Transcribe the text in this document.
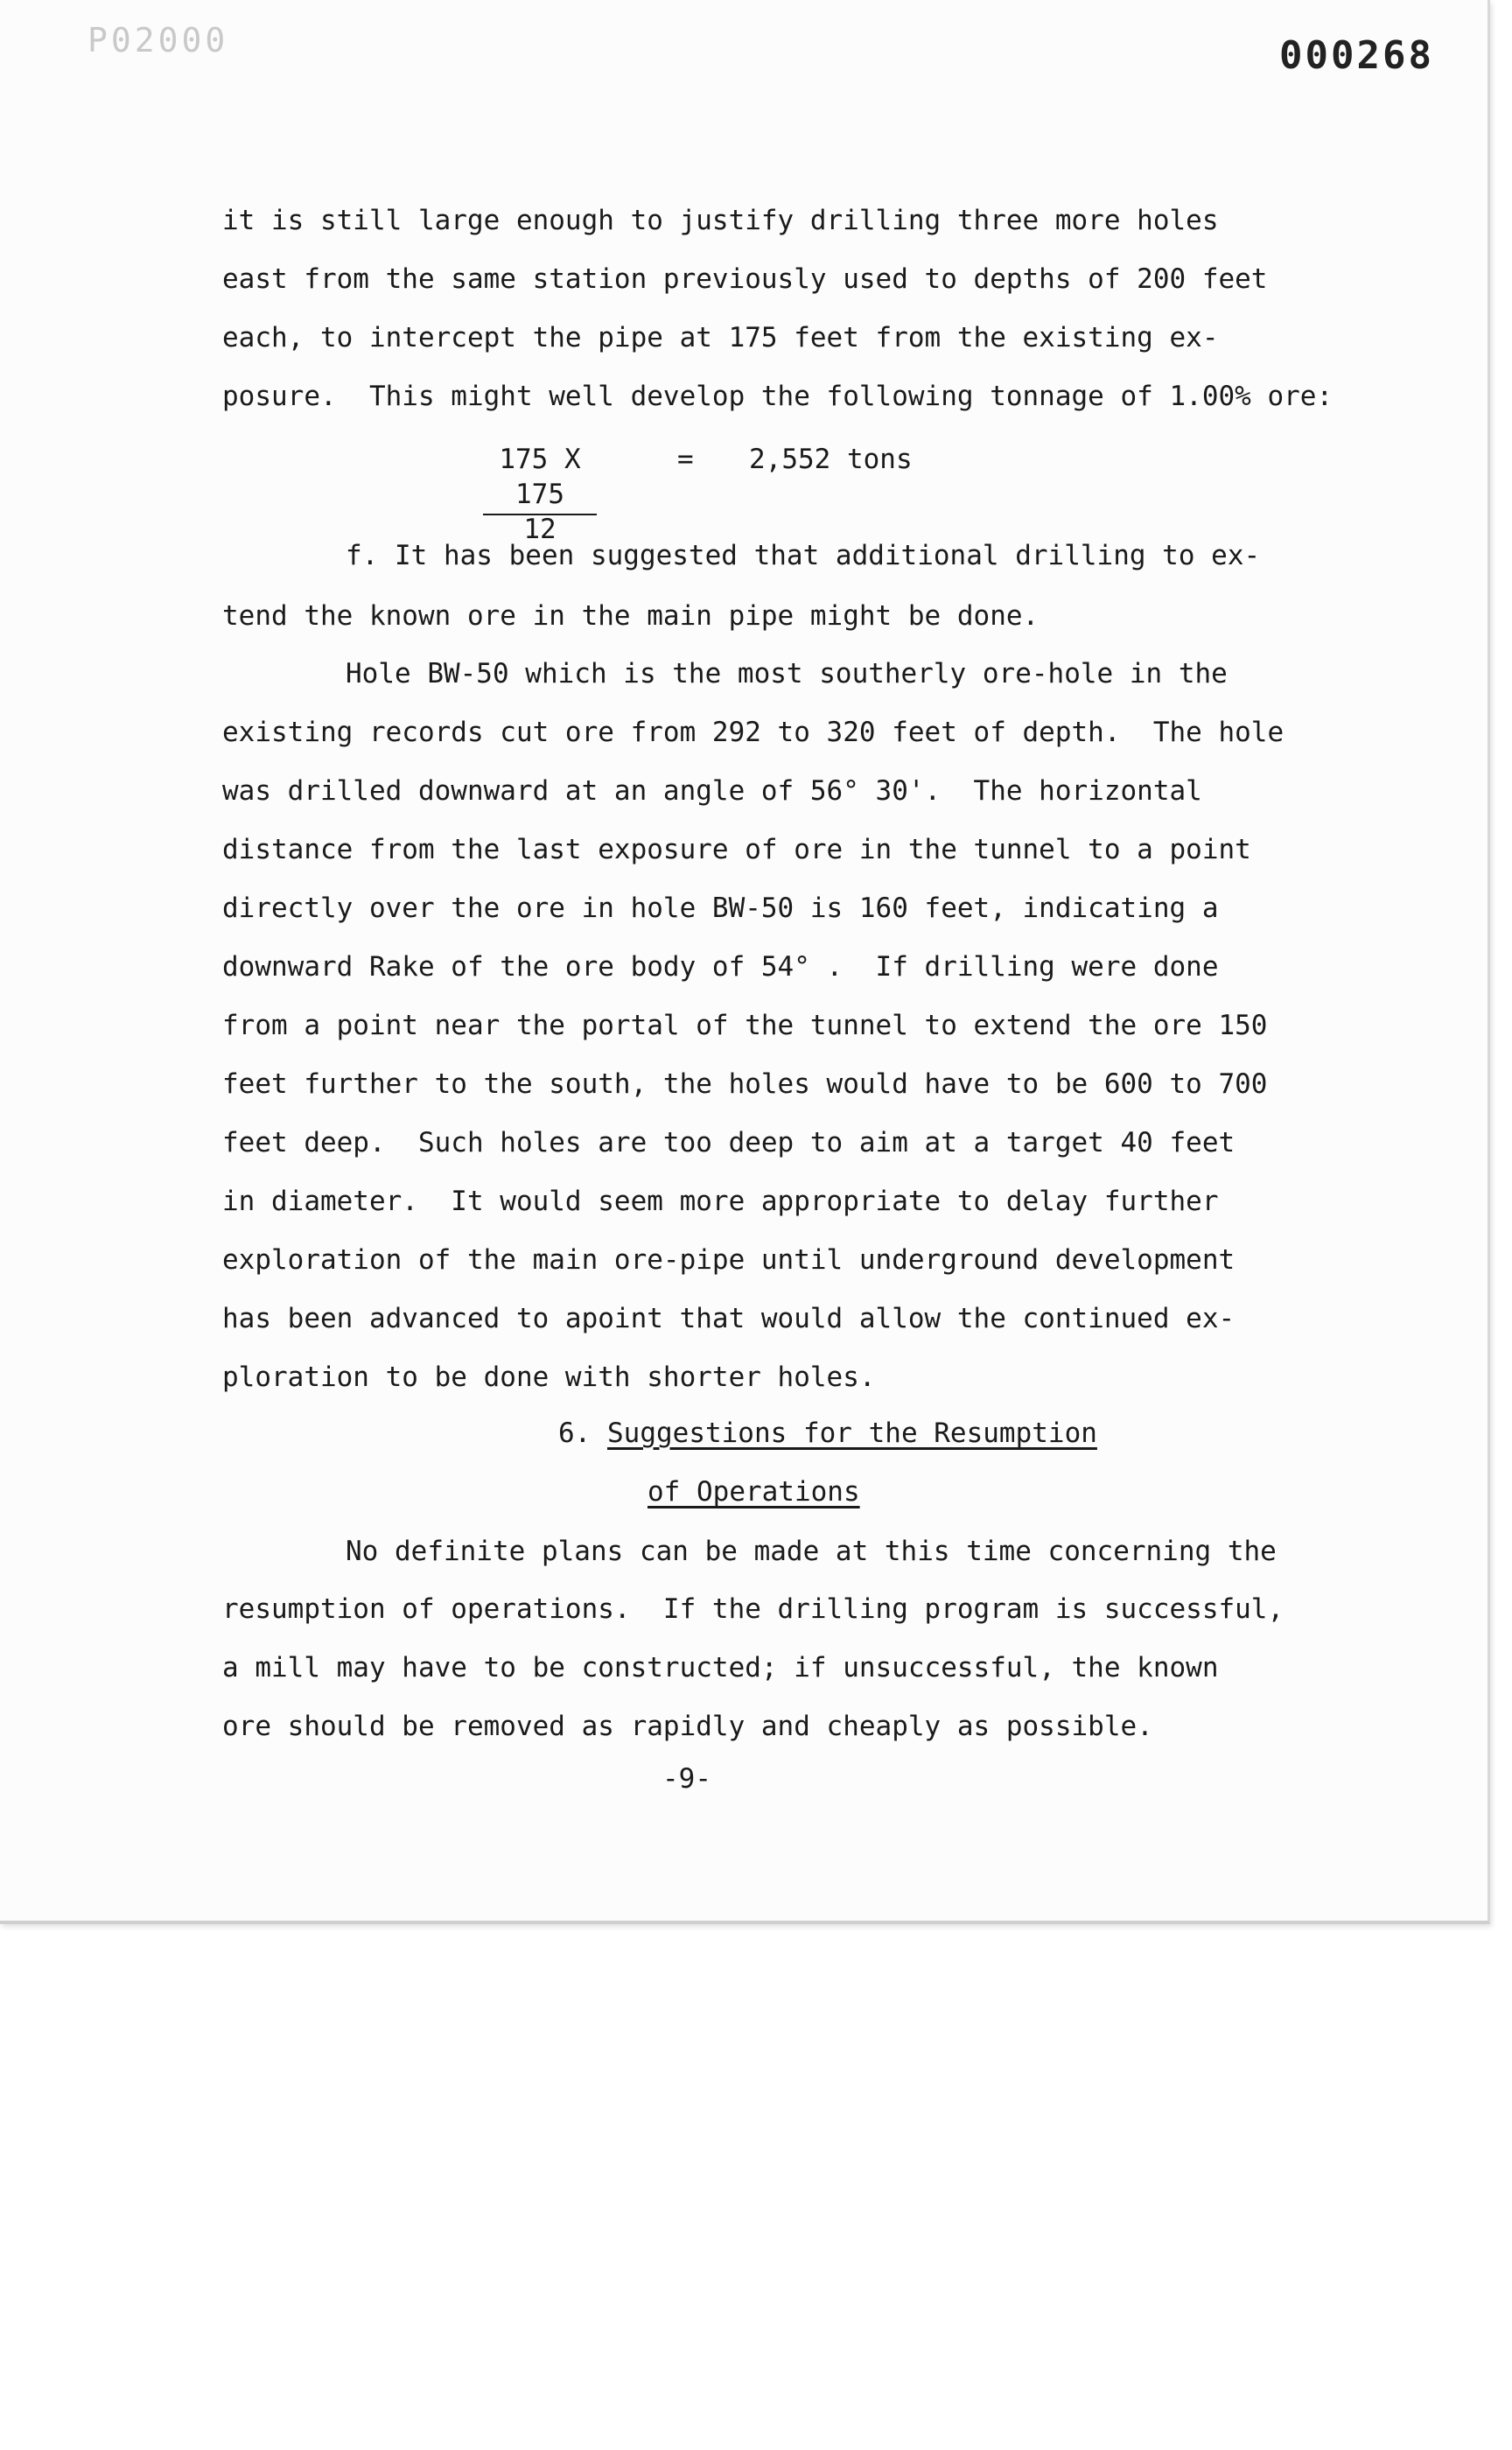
P02000	000268

it is still large enough to justify drilling three more holes

east from the same station previously used to depths of 200 feet

each, to intercept the pipe at 175 feet from the existing ex-

posure.  This might well develop the following tonnage of 1.00% ore:

$\frac{175 X 175}{12}$	= 2,552 tons

f. It has been suggested that additional drilling to ex-

tend the known ore in the main pipe might be done.

Hole BW-50 which is the most southerly ore-hole in the

existing records cut ore from 292 to 320 feet of depth.  The hole

was drilled downward at an angle of 56° 30'.  The horizontal

distance from the last exposure of ore in the tunnel to a point

directly over the ore in hole BW-50 is 160 feet, indicating a

downward Rake of the ore body of 54° .  If drilling were done

from a point near the portal of the tunnel to extend the ore 150

feet further to the south, the holes would have to be 600 to 700

feet deep.  Such holes are too deep to aim at a target 40 feet

in diameter.  It would seem more appropriate to delay further

exploration of the main ore-pipe until underground development

has been advanced to apoint that would allow the continued ex-

ploration to be done with shorter holes.

6. Suggestions for the Resumption
of Operations

No definite plans can be made at this time concerning the

resumption of operations.  If the drilling program is successful,

a mill may have to be constructed; if unsuccessful, the known

ore should be removed as rapidly and cheaply as possible.

-9-
